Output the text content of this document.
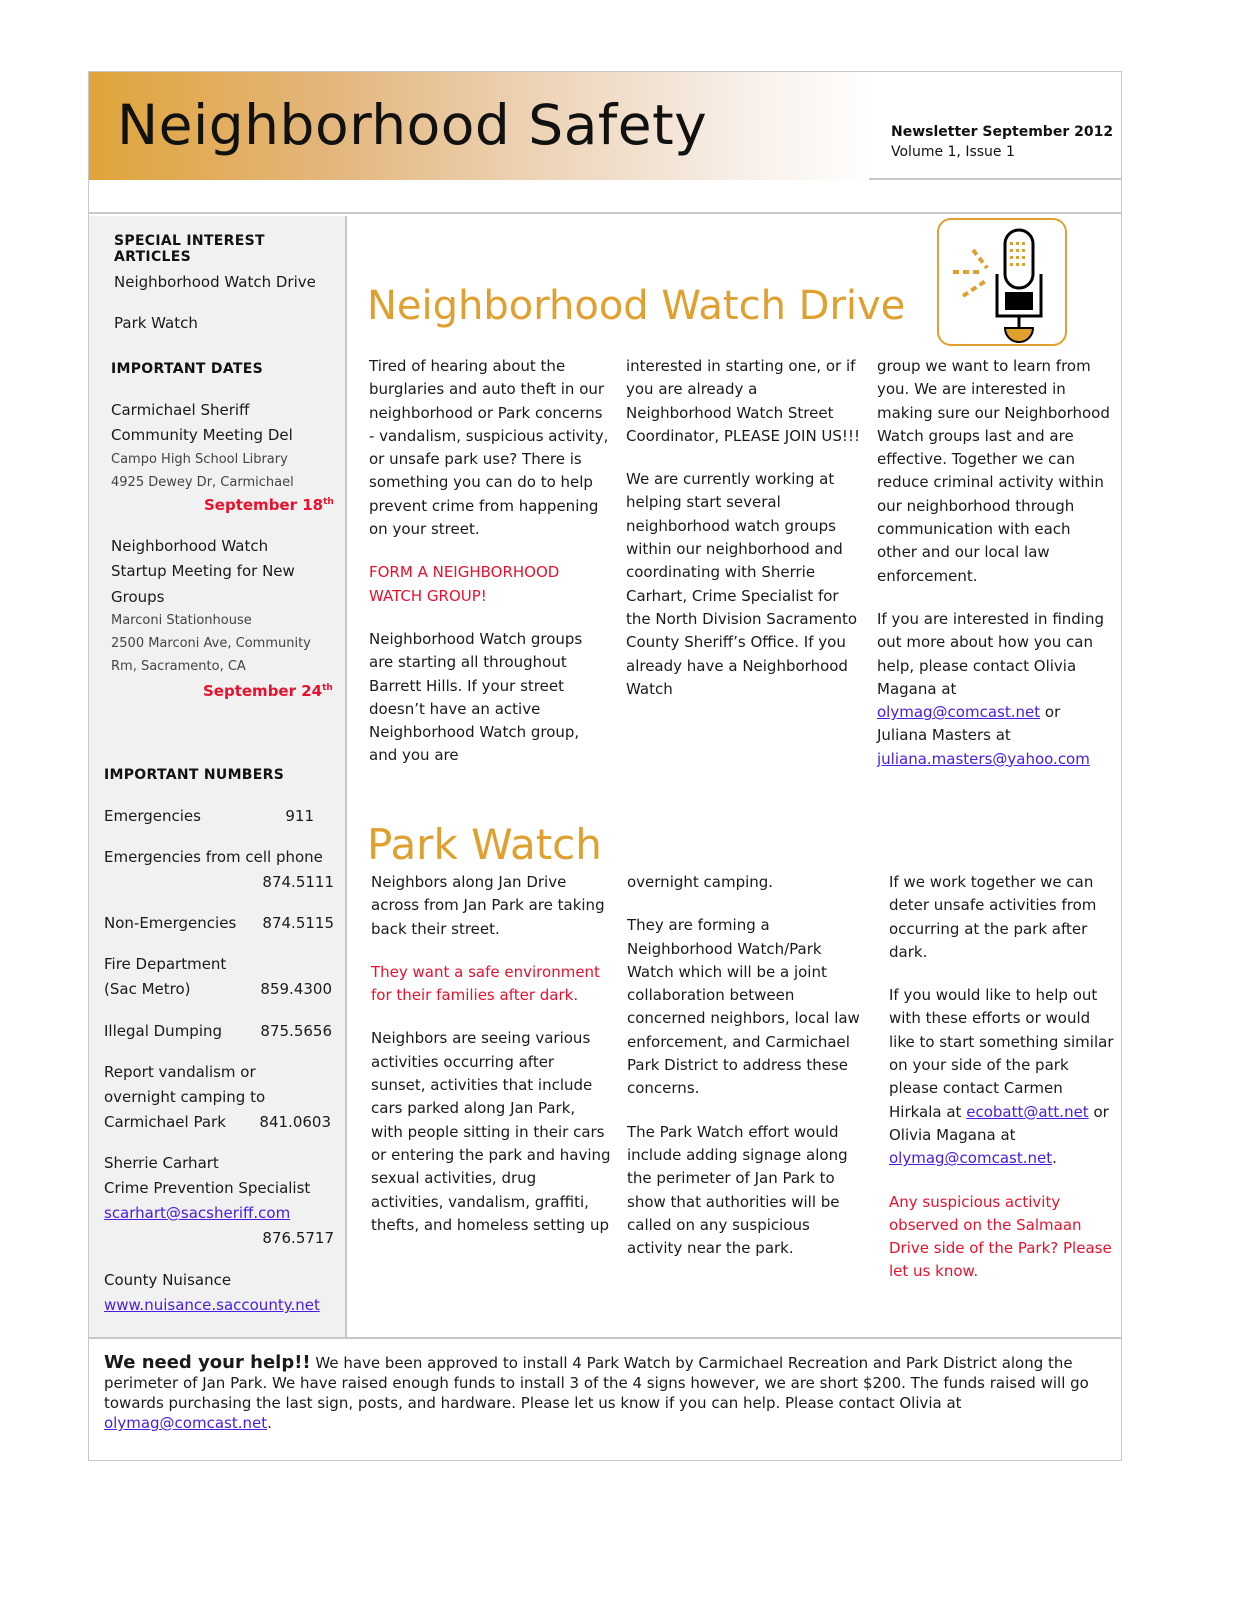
Neighborhood Safety	Newsletter September 2012
Volume 1, Issue 1
SPECIAL INTEREST ARTICLES
Neighborhood Watch Drive
Park Watch
IMPORTANT DATES
Carmichael Sheriff
Community Meeting Del
Campo High School Library
4925 Dewey Dr, Carmichael
September 18th
Neighborhood Watch
Startup Meeting for New
Groups
Marconi Stationhouse
2500 Marconi Ave, Community
Rm, Sacramento, CA
September 24th
IMPORTANT NUMBERS
Emergencies	911
Emergencies from cell phone
874.5111
Non-Emergencies 874.5115
Fire Department
(Sac Metro)	859.4300
Illegal Dumping	875.5656
Report vandalism or
overnight camping to
Carmichael Park	841.0603
Sherrie Carhart
Crime Prevention Specialist
scarhart@sacsheriff.com
876.5717
County Nuisance
www.nuisance.saccounty.net
Neighborhood Watch Drive

Tired of hearing about the burglaries and auto theft in our neighborhood or Park concerns - vandalism, suspicious activity, or unsafe park use? There is something you can do to help prevent crime from happening on your street.

FORM A NEIGHBORHOOD WATCH GROUP!

Neighborhood Watch groups are starting all throughout Barrett Hills. If your street doesn’t have an active Neighborhood Watch group, and you are

interested in starting one, or if you are already a Neighborhood Watch Street Coordinator, PLEASE JOIN US!!!

We are currently working at helping start several neighborhood watch groups within our neighborhood and coordinating with Sherrie Carhart, Crime Specialist for the North Division Sacramento County Sheriff’s Office. If you already have a Neighborhood Watch

group we want to learn from you. We are interested in making sure our Neighborhood Watch groups last and are effective. Together we can reduce criminal activity within our neighborhood through communication with each other and our local law enforcement.

If you are interested in finding out more about how you can help, please contact Olivia Magana at olymag@comcast.net or Juliana Masters at juliana.masters@yahoo.com

Park Watch

Neighbors along Jan Drive across from Jan Park are taking back their street.

They want a safe environment for their families after dark.

Neighbors are seeing various activities occurring after sunset, activities that include cars parked along Jan Park, with people sitting in their cars or entering the park and having sexual activities, drug activities, vandalism, graffiti, thefts, and homeless setting up

overnight camping.

They are forming a Neighborhood Watch/Park Watch which will be a joint collaboration between concerned neighbors, local law enforcement, and Carmichael Park District to address these concerns.

The Park Watch effort would include adding signage along the perimeter of Jan Park to show that authorities will be called on any suspicious activity near the park.

If we work together we can deter unsafe activities from occurring at the park after dark.

If you would like to help out with these efforts or would like to start something similar on your side of the park please contact Carmen Hirkala at ecobatt@att.net or Olivia Magana at olymag@comcast.net.

Any suspicious activity observed on the Salmaan Drive side of the Park? Please let us know.

We need your help!! We have been approved to install 4 Park Watch by Carmichael Recreation and Park District along the perimeter of Jan Park. We have raised enough funds to install 3 of the 4 signs however, we are short $200. The funds raised will go towards purchasing the last sign, posts, and hardware. Please let us know if you can help. Please contact Olivia at olymag@comcast.net.
